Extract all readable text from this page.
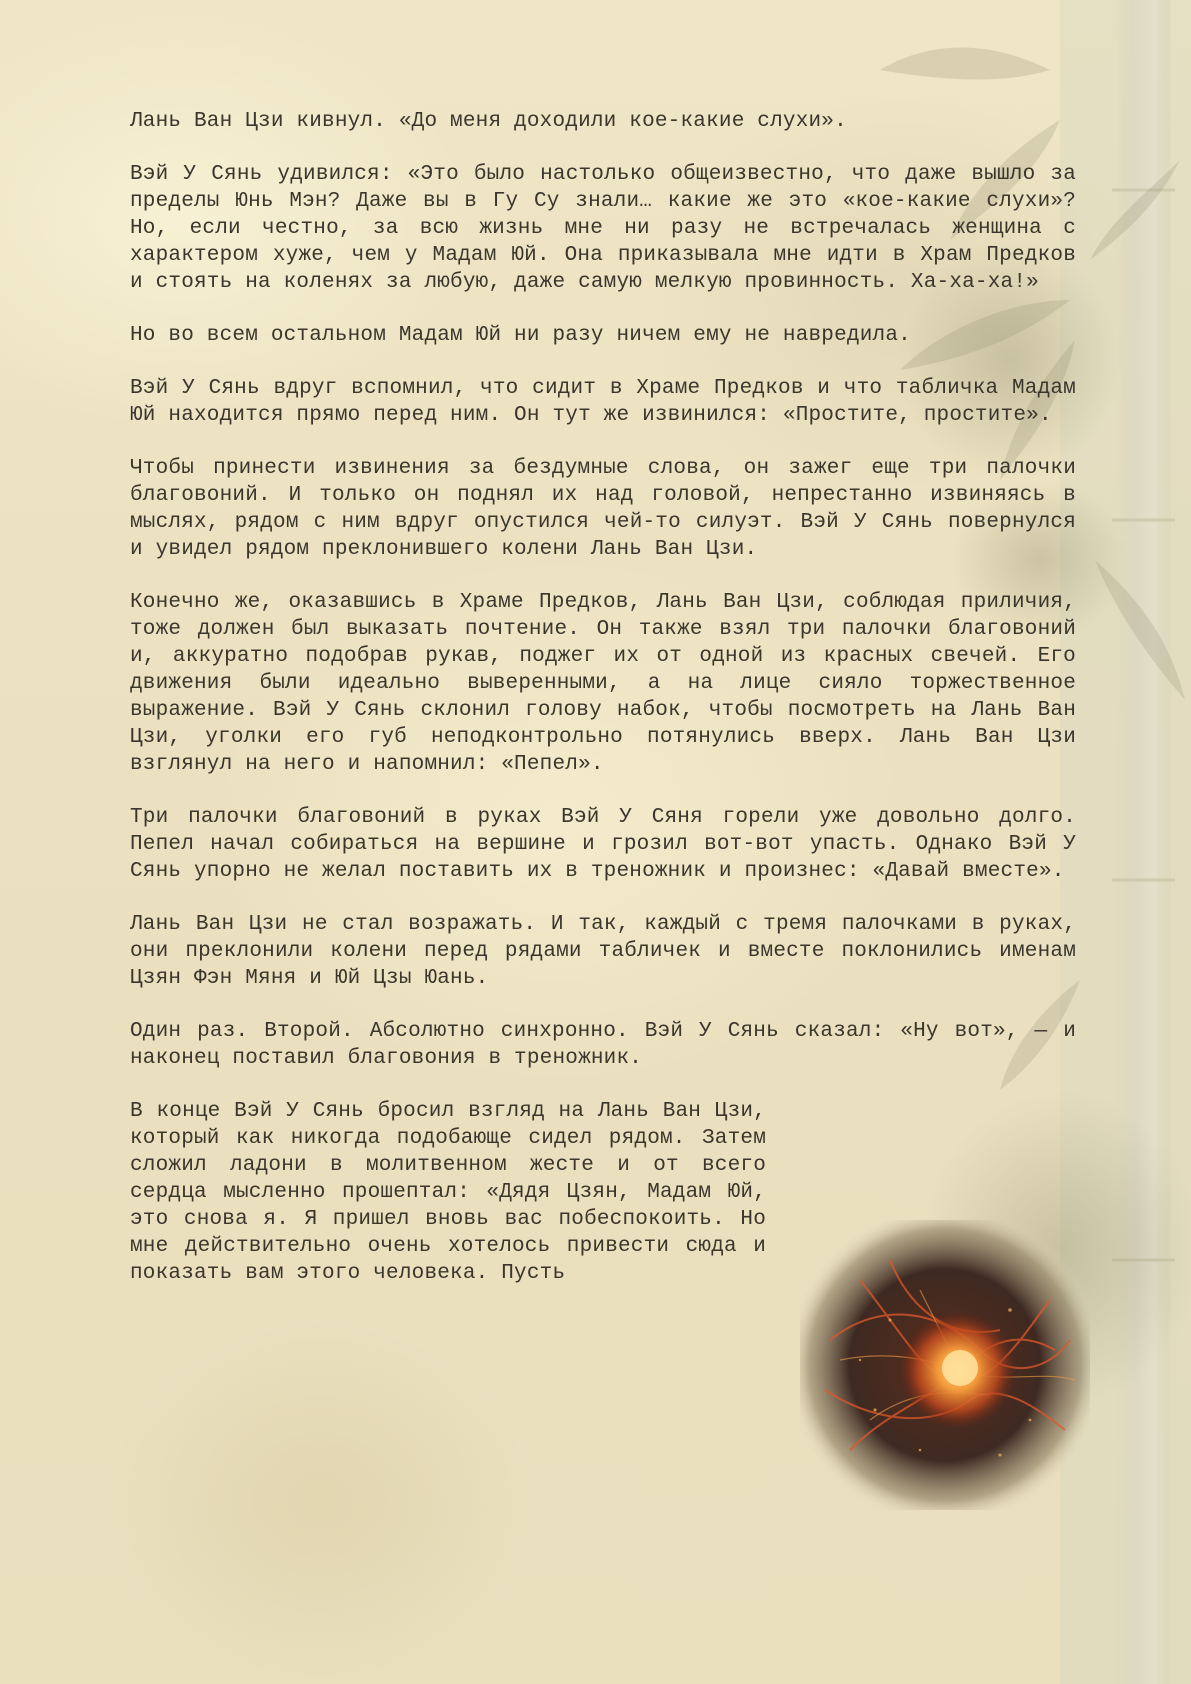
Лань Ван Цзи кивнул. «До меня доходили кое-какие слухи».

Вэй У Сянь удивился: «Это было настолько общеизвестно, что даже вышло за пределы Юнь Мэн? Даже вы в Гу Су знали… какие же это «кое-какие слухи»? Но, если честно, за всю жизнь мне ни разу не встречалась женщина с характером хуже, чем у Мадам Юй. Она приказывала мне идти в Храм Предков и стоять на коленях за любую, даже самую мелкую провинность. Ха-ха-ха!»

Но во всем остальном Мадам Юй ни разу ничем ему не навредила.

Вэй У Сянь вдруг вспомнил, что сидит в Храме Предков и что табличка Мадам Юй находится прямо перед ним. Он тут же извинился: «Простите, простите».

Чтобы принести извинения за бездумные слова, он зажег еще три палочки благовоний. И только он поднял их над головой, непрестанно извиняясь в мыслях, рядом с ним вдруг опустился чей-то силуэт. Вэй У Сянь повернулся и увидел рядом преклонившего колени Лань Ван Цзи.

Конечно же, оказавшись в Храме Предков, Лань Ван Цзи, соблюдая приличия, тоже должен был выказать почтение. Он также взял три палочки благовоний и, аккуратно подобрав рукав, поджег их от одной из красных свечей. Его движения были идеально выверенными, а на лице сияло торжественное выражение. Вэй У Сянь склонил голову набок, чтобы посмотреть на Лань Ван Цзи, уголки его губ неподконтрольно потянулись вверх. Лань Ван Цзи взглянул на него и напомнил: «Пепел».

Три палочки благовоний в руках Вэй У Сяня горели уже довольно долго. Пепел начал собираться на вершине и грозил вот-вот упасть. Однако Вэй У Сянь упорно не желал поставить их в треножник и произнес: «Давай вместе».

Лань Ван Цзи не стал возражать. И так, каждый с тремя палочками в руках, они преклонили колени перед рядами табличек и вместе поклонились именам Цзян Фэн Мяня и Юй Цзы Юань.

Один раз. Второй. Абсолютно синхронно. Вэй У Сянь сказал: «Ну вот», — и наконец поставил благовония в треножник.

В конце Вэй У Сянь бросил взгляд на Лань Ван Цзи, который как никогда подобающе сидел рядом. Затем сложил ладони в молитвенном жесте и от всего сердца мысленно прошептал: «Дядя Цзян, Мадам Юй, это снова я. Я пришел вновь вас побеспокоить. Но мне действительно очень хотелось привести сюда и показать вам этого человека. Пусть
